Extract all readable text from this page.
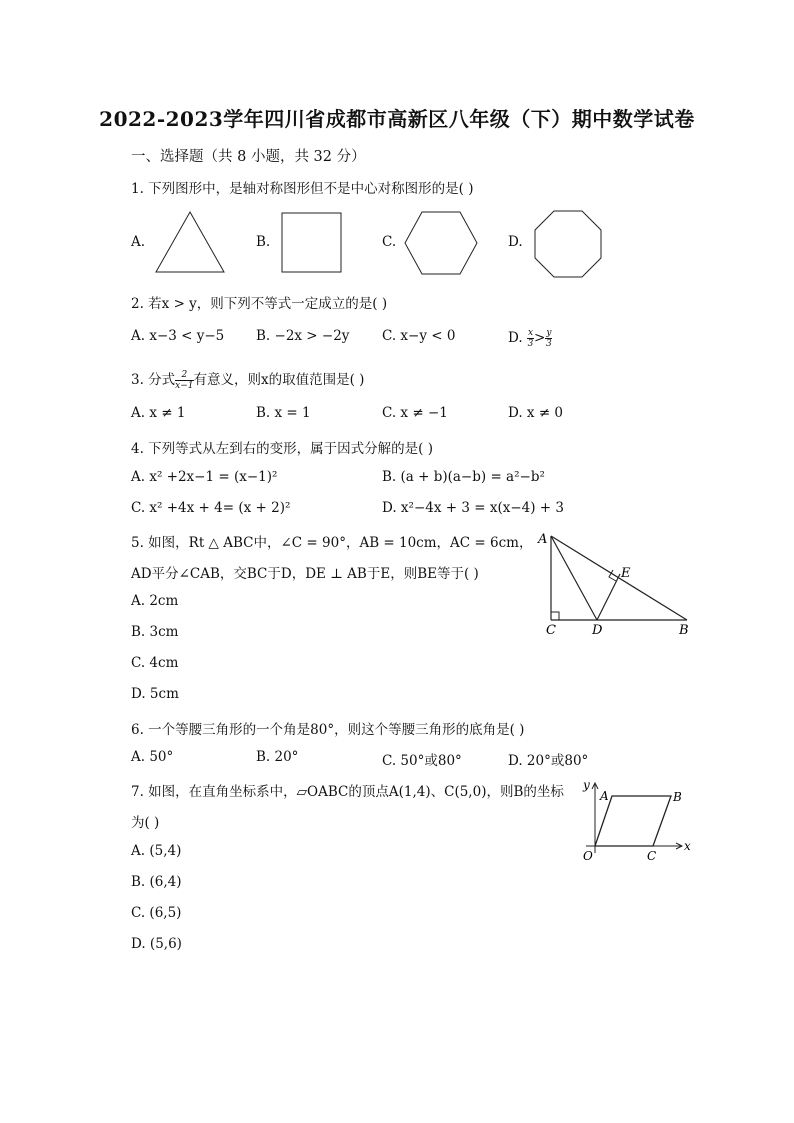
2022-2023学年四川省成都市高新区八年级（下）期中数学试卷
一、选择题（共 8 小题，共 32 分）
1. 下列图形中，是轴对称图形但不是中心对称图形的是( )
A.	B.	C.	D.
2. 若x > y，则下列不等式一定成立的是( )
A. x−3 < y−5 B. −2x > −2y C. x−y < 0	D. $\frac{x}{3} > \frac{y}{3}$
3. 分式 $\frac{2}{x-1}$ 有意义，则x的取值范围是( )
A. x ≠ 1	B. x = 1	C. x ≠ −1	D. x ≠ 0
4. 下列等式从左到右的变形，属于因式分解的是( )
A. x² +2x−1 = (x−1)²	B. (a + b)(a−b) = a²−b²
C. x² +4x + 4= (x + 2)²	D. x²−4x + 3 = x(x−4) + 3
5. 如图，Rt △ ABC中，∠C = 90°，AB = 10cm，AC = 6cm，
AD平分∠CAB，交BC于D，DE ⊥ AB于E，则BE等于( )
A. 2cm
B. 3cm
C. 4cm
D. 5cm
A
C	D	B
E
6. 一个等腰三角形的一个角是80°，则这个等腰三角形的底角是( )
A. 50°	B. 20°	C. 50°或80°	D. 20°或80°
7. 如图，在直角坐标系中，▱OABC的顶点A(1,4)、C(5,0)，则B的坐标
为( )
A. (5,4)
B. (6,4)
C. (6,5)
D. (5,6)
y
x
O
A	B
C
